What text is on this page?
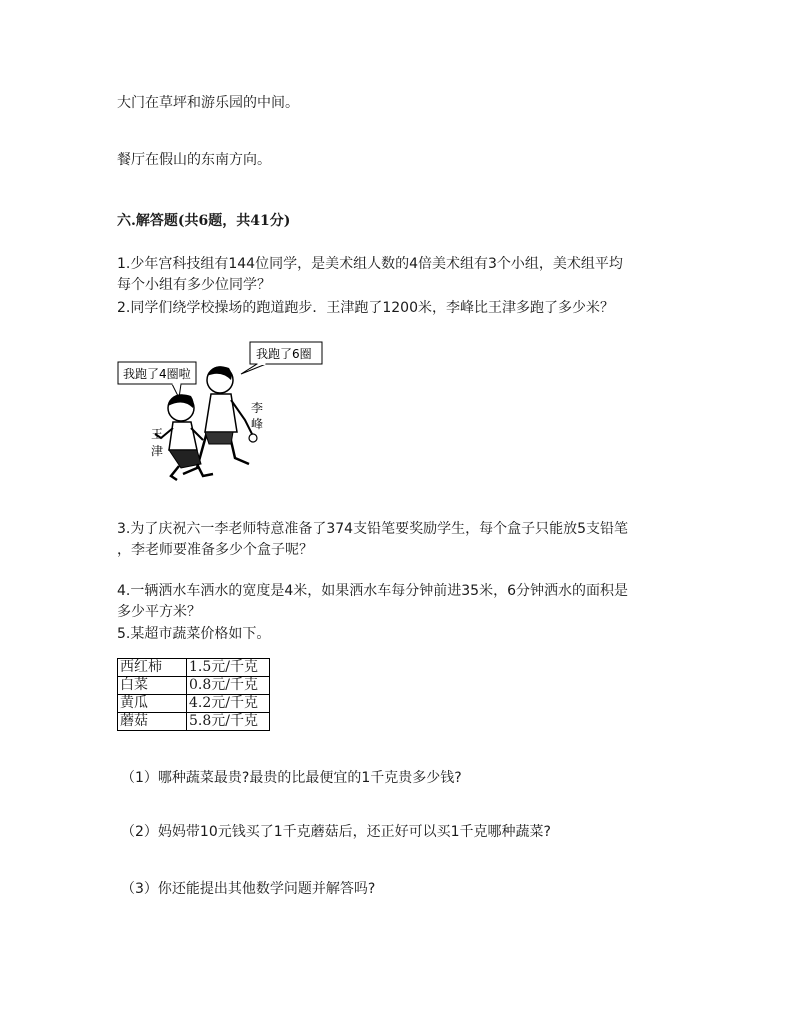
大门在草坪和游乐园的中间。
餐厅在假山的东南方向。
六.解答题(共6题，共41分)
1.少年宫科技组有144位同学，是美术组人数的4倍美术组有3个小组，美术组平均
每个小组有多少位同学？
2.同学们绕学校操场的跑道跑步．王津跑了1200米，李峰比王津多跑了多少米？
我跑了4圈啦
我跑了6圈
王
津
李
峰
3.为了庆祝六一李老师特意准备了374支铅笔要奖励学生，每个盒子只能放5支铅笔
，李老师要准备多少个盒子呢？
4.一辆洒水车洒水的宽度是4米，如果洒水车每分钟前进35米，6分钟洒水的面积是
多少平方米？
5.某超市蔬菜价格如下。
西红柿	1.5元/千克
白菜	0.8元/千克
黄瓜	4.2元/千克
蘑菇	5.8元/千克
（1）哪种蔬菜最贵?最贵的比最便宜的1千克贵多少钱?
（2）妈妈带10元钱买了1千克蘑菇后，还正好可以买1千克哪种蔬菜?
（3）你还能提出其他数学问题并解答吗?
